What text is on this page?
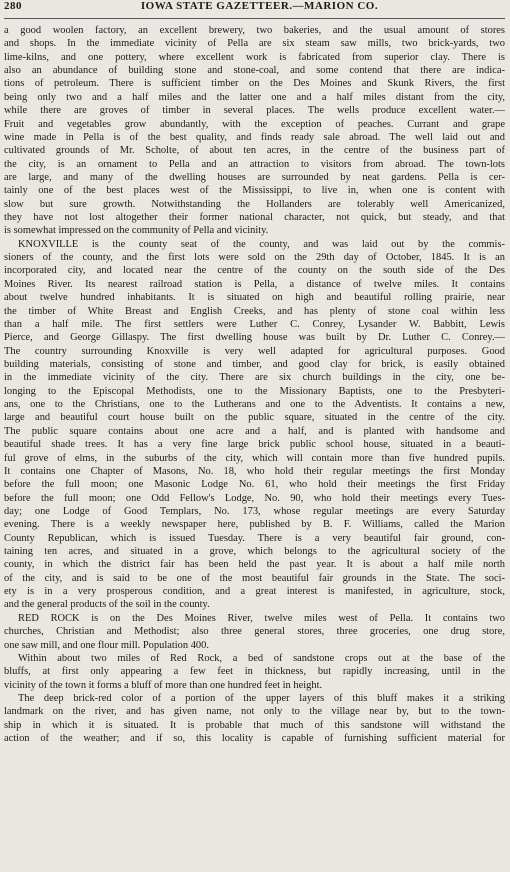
280	IOWA STATE GAZETTEER.—MARION CO.
a good woolen factory, an excellent brewery, two bakeries, and the usual amount of stores
and shops. In the immediate vicinity of Pella are six steam saw mills, two brick-yards, two
lime-kilns, and one pottery, where excellent work is fabricated from superior clay. There is
also an abundance of building stone and stone-coal, and some contend that there are indica-
tions of petroleum. There is sufficient timber on the Des Moines and Skunk Rivers, the first
being only two and a half miles and the latter one and a half miles distant from the city,
while there are groves of timber in several places. The wells produce excellent water.—
Fruit and vegetables grow abundantly, with the exception of peaches. Currant and grape
wine made in Pella is of the best quality, and finds ready sale abroad. The well laid out and
cultivated grounds of Mr. Scholte, of about ten acres, in the centre of the business part of
the city, is an ornament to Pella and an attraction to visitors from abroad. The town-lots
are large, and many of the dwelling houses are surrounded by neat gardens. Pella is cer-
tainly one of the best places west of the Mississippi, to live in, when one is content with
slow but sure growth. Notwithstanding the Hollanders are tolerably well Americanized,
they have not lost altogether their former national character, not quick, but steady, and that
is somewhat impressed on the community of Pella and vicinity.
KNOXVILLE is the county seat of the county, and was laid out by the commis-
sioners of the county, and the first lots were sold on the 29th day of October, 1845. It is an
incorporated city, and located near the centre of the county on the south side of the Des
Moines River. Its nearest railroad station is Pella, a distance of twelve miles. It contains
about twelve hundred inhabitants. It is situated on high and beautiful rolling prairie, near
the timber of White Breast and English Creeks, and has plenty of stone coal within less
than a half mile. The first settlers were Luther C. Conrey, Lysander W. Babbitt, Lewis
Pierce, and George Gillaspy. The first dwelling house was built by Dr. Luther C. Conrey.—
The country surrounding Knoxville is very well adapted for agricultural purposes. Good
building materials, consisting of stone and timber, and good clay for brick, is easily obtained
in the immediate vicinity of the city. There are six church buildings in the city, one be-
longing to the Episcopal Methodists, one to the Missionary Baptists, one to the Presbyteri-
ans, one to the Christians, one to the Lutherans and one to the Adventists. It contains a new,
large and beautiful court house built on the public square, situated in the centre of the city.
The public square contains about one acre and a half, and is planted with handsome and
beautiful shade trees. It has a very fine large brick public school house, situated in a beauti-
ful grove of elms, in the suburbs of the city, which will contain more than five hundred pupils.
It contains one Chapter of Masons, No. 18, who hold their regular meetings the first Monday
before the full moon; one Masonic Lodge No. 61, who hold their meetings the first Friday
before the full moon; one Odd Fellow's Lodge, No. 90, who hold their meetings every Tues-
day; one Lodge of Good Templars, No. 173, whose regular meetings are every Saturday
evening. There is a weekly newspaper here, published by B. F. Williams, called the Marion
County Republican, which is issued Tuesday. There is a very beautiful fair ground, con-
taining ten acres, and situated in a grove, which belongs to the agricultural society of the
county, in which the district fair has been held the past year. It is about a half mile north
of the city, and is said to be one of the most beautiful fair grounds in the State. The soci-
ety is in a very prosperous condition, and a great interest is manifested, in agriculture, stock,
and the general products of the soil in the county.
RED ROCK is on the Des Moines River, twelve miles west of Pella. It contains two
churches, Christian and Methodist; also three general stores, three groceries, one drug store,
one saw mill, and one flour mill. Population 400.
Within about two miles of Red Rock, a bed of sandstone crops out at the base of the
bluffs, at first only appearing a few feet in thickness, but rapidly increasing, until in the
vicinity of the town it forms a bluff of more than one hundred feet in height.
The deep brick-red color of a portion of the upper layers of this bluff makes it a striking
landmark on the river, and has given name, not only to the village near by, but to the town-
ship in which it is situated. It is probable that much of this sandstone will withstand the
action of the weather; and if so, this locality is capable of furnishing sufficient material for
